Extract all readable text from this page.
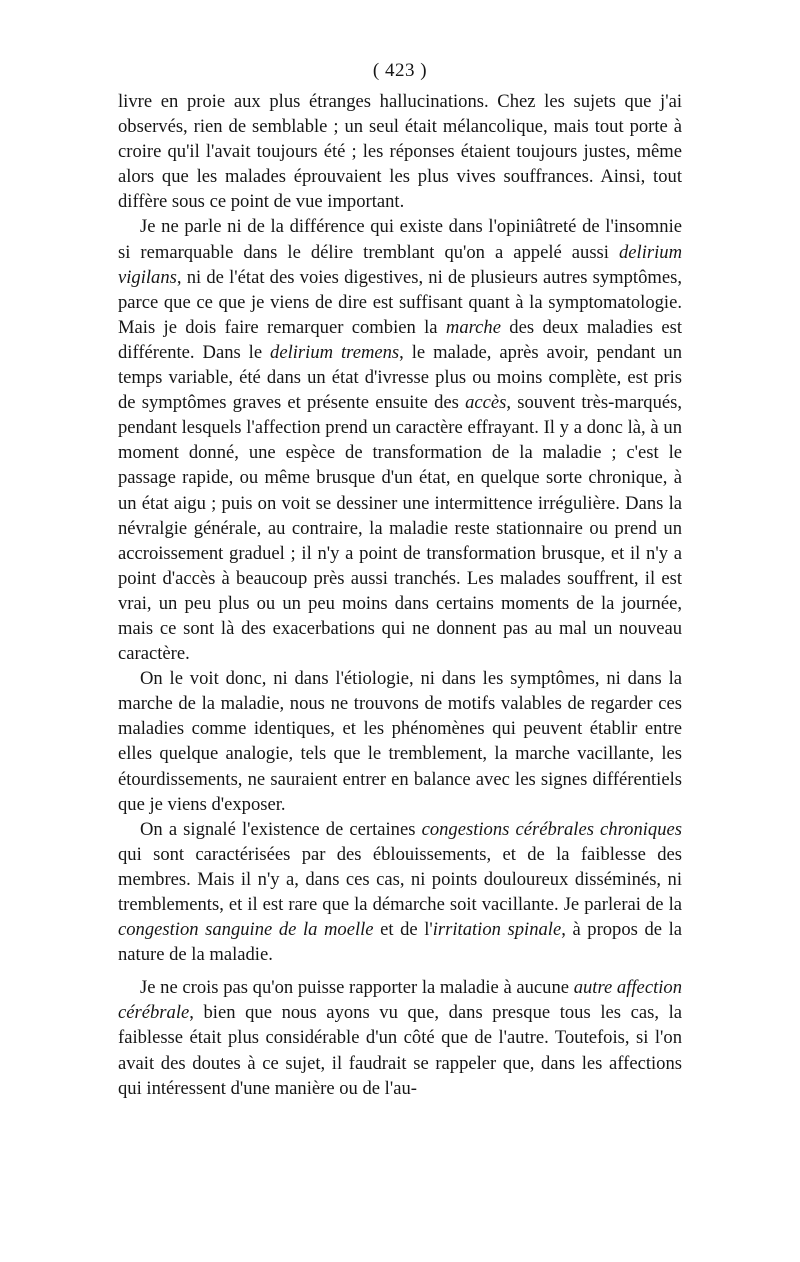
( 423 )

livre en proie aux plus étranges hallucinations. Chez les sujets que j'ai observés, rien de semblable ; un seul était mélancolique, mais tout porte à croire qu'il l'avait toujours été ; les réponses étaient toujours justes, même alors que les malades éprouvaient les plus vives souffrances. Ainsi, tout diffère sous ce point de vue important.

Je ne parle ni de la différence qui existe dans l'opiniâtreté de l'insomnie si remarquable dans le délire tremblant qu'on a appelé aussi delirium vigilans, ni de l'état des voies digestives, ni de plusieurs autres symptômes, parce que ce que je viens de dire est suffisant quant à la symptomatologie. Mais je dois faire remarquer combien la marche des deux maladies est différente. Dans le delirium tremens, le malade, après avoir, pendant un temps variable, été dans un état d'ivresse plus ou moins complète, est pris de symptômes graves et présente ensuite des accès, souvent très-marqués, pendant lesquels l'affection prend un caractère effrayant. Il y a donc là, à un moment donné, une espèce de transformation de la maladie ; c'est le passage rapide, ou même brusque d'un état, en quelque sorte chronique, à un état aigu ; puis on voit se dessiner une intermittence irrégulière. Dans la névralgie générale, au contraire, la maladie reste stationnaire ou prend un accroissement graduel ; il n'y a point de transformation brusque, et il n'y a point d'accès à beaucoup près aussi tranchés. Les malades souffrent, il est vrai, un peu plus ou un peu moins dans certains moments de la journée, mais ce sont là des exacerbations qui ne donnent pas au mal un nouveau caractère.

On le voit donc, ni dans l'étiologie, ni dans les symptômes, ni dans la marche de la maladie, nous ne trouvons de motifs valables de regarder ces maladies comme identiques, et les phénomènes qui peuvent établir entre elles quelque analogie, tels que le tremblement, la marche vacillante, les étourdissements, ne sauraient entrer en balance avec les signes différentiels que je viens d'exposer.

On a signalé l'existence de certaines congestions cérébrales chroniques qui sont caractérisées par des éblouissements, et de la faiblesse des membres. Mais il n'y a, dans ces cas, ni points douloureux disséminés, ni tremblements, et il est rare que la démarche soit vacillante. Je parlerai de la congestion sanguine de la moelle et de l'irritation spinale, à propos de la nature de la maladie.

Je ne crois pas qu'on puisse rapporter la maladie à aucune autre affection cérébrale, bien que nous ayons vu que, dans presque tous les cas, la faiblesse était plus considérable d'un côté que de l'autre. Toutefois, si l'on avait des doutes à ce sujet, il faudrait se rappeler que, dans les affections qui intéressent d'une manière ou de l'au-
